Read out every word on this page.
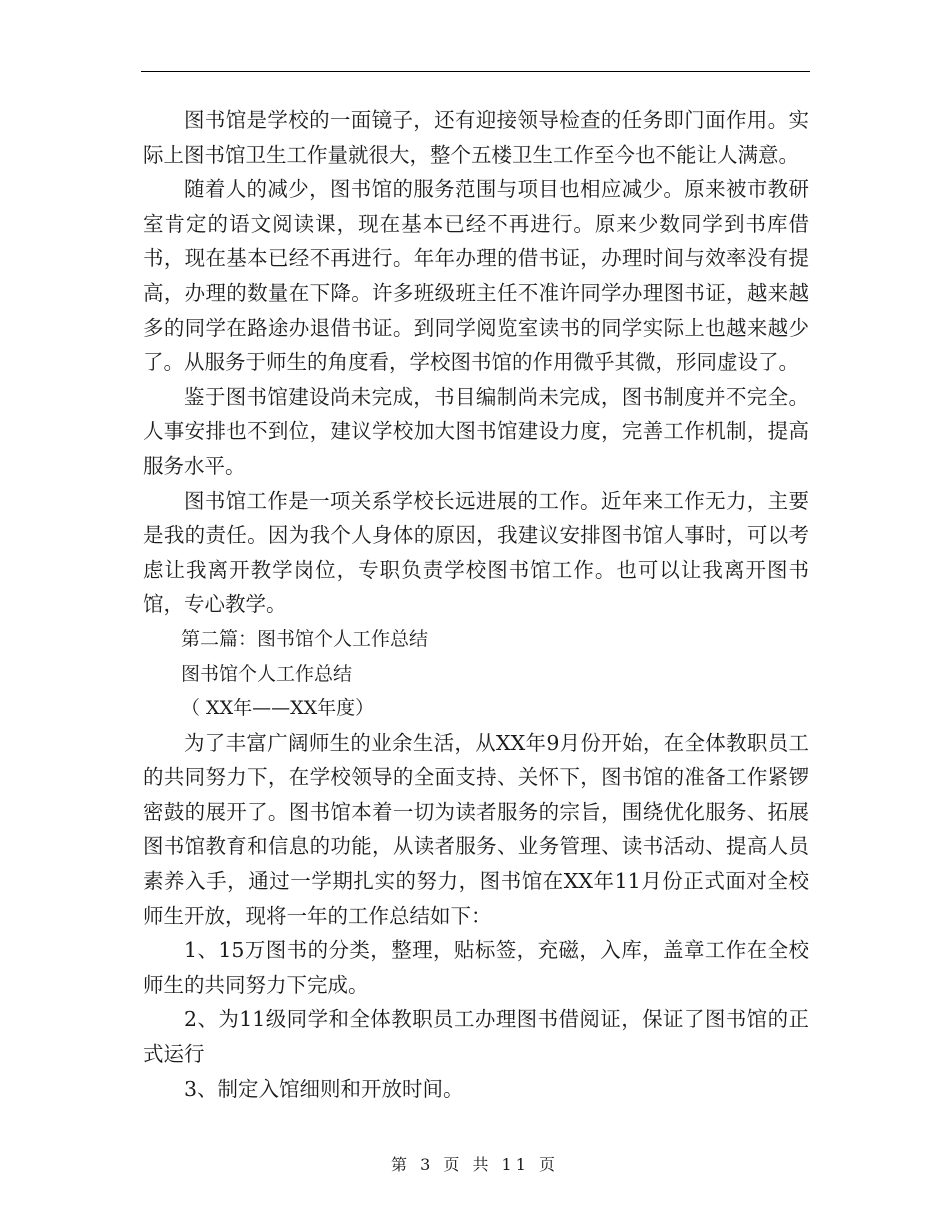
图书馆是学校的一面镜子，还有迎接领导检查的任务即门面作用。实际上图书馆卫生工作量就很大，整个五楼卫生工作至今也不能让人满意。

随着人的减少，图书馆的服务范围与项目也相应减少。原来被市教研室肯定的语文阅读课，现在基本已经不再进行。原来少数同学到书库借书，现在基本已经不再进行。年年办理的借书证，办理时间与效率没有提高，办理的数量在下降。许多班级班主任不准许同学办理图书证，越来越多的同学在路途办退借书证。到同学阅览室读书的同学实际上也越来越少了。从服务于师生的角度看，学校图书馆的作用微乎其微，形同虚设了。

鉴于图书馆建设尚未完成，书目编制尚未完成，图书制度并不完全。人事安排也不到位，建议学校加大图书馆建设力度，完善工作机制，提高服务水平。

图书馆工作是一项关系学校长远进展的工作。近年来工作无力，主要是我的责任。因为我个人身体的原因，我建议安排图书馆人事时，可以考虑让我离开教学岗位，专职负责学校图书馆工作。也可以让我离开图书馆，专心教学。

第二篇：图书馆个人工作总结

图书馆个人工作总结

（ XX年——XX年度）

为了丰富广阔师生的业余生活，从XX年9月份开始，在全体教职员工的共同努力下，在学校领导的全面支持、关怀下，图书馆的准备工作紧锣密鼓的展开了。图书馆本着一切为读者服务的宗旨，围绕优化服务、拓展图书馆教育和信息的功能，从读者服务、业务管理、读书活动、提高人员素养入手，通过一学期扎实的努力，图书馆在XX年11月份正式面对全校师生开放，现将一年的工作总结如下：

1、15万图书的分类，整理，贴标签，充磁，入库，盖章工作在全校师生的共同努力下完成。

2、为11级同学和全体教职员工办理图书借阅证，保证了图书馆的正式运行

3、制定入馆细则和开放时间。

第 3 页 共 11 页
